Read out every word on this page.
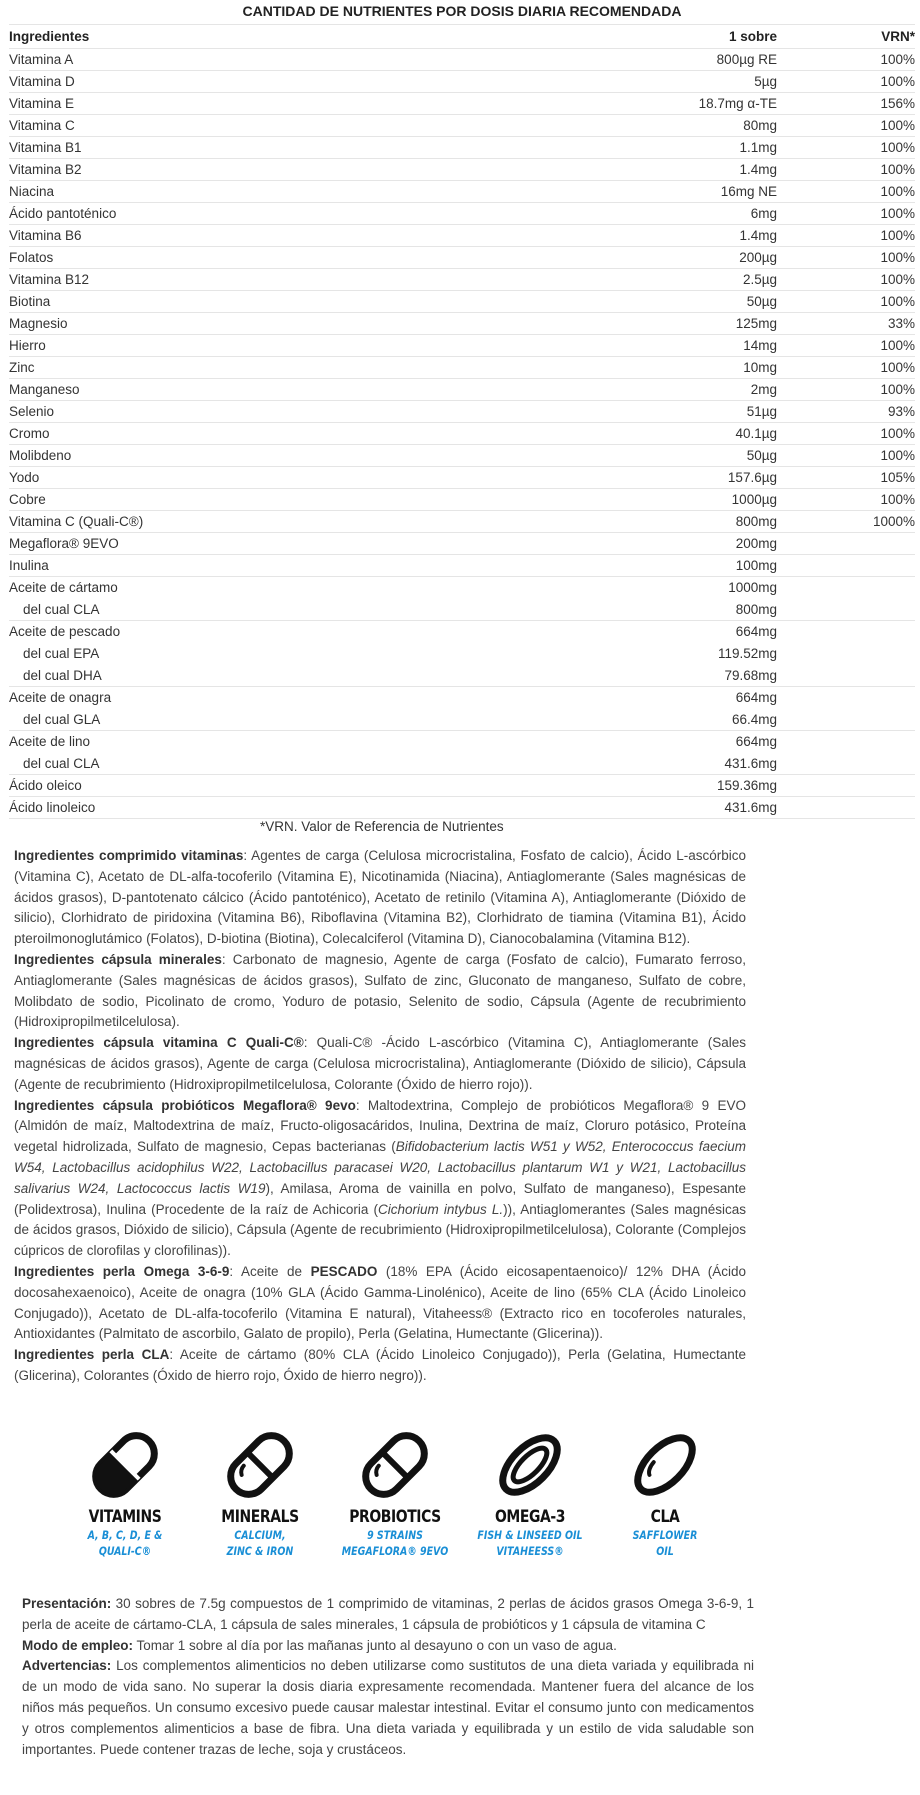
CANTIDAD DE NUTRIENTES POR DOSIS DIARIA RECOMENDADA
Ingredientes	1 sobre	VRN*
Vitamina A	800µg RE	100%
Vitamina D	5µg	100%
Vitamina E	18.7mg α-TE	156%
Vitamina C	80mg	100%
Vitamina B1	1.1mg	100%
Vitamina B2	1.4mg	100%
Niacina	16mg NE	100%
Ácido pantoténico	6mg	100%
Vitamina B6	1.4mg	100%
Folatos	200µg	100%
Vitamina B12	2.5µg	100%
Biotina	50µg	100%
Magnesio	125mg	33%
Hierro	14mg	100%
Zinc	10mg	100%
Manganeso	2mg	100%
Selenio	51µg	93%
Cromo	40.1µg	100%
Molibdeno	50µg	100%
Yodo	157.6µg	105%
Cobre	1000µg	100%
Vitamina C (Quali-C®)	800mg	1000%
Megaflora® 9EVO	200mg	
Inulina	100mg	
Aceite de cártamo	1000mg	
del cual CLA	800mg	
Aceite de pescado	664mg	
del cual EPA	119.52mg	
del cual DHA	79.68mg	
Aceite de onagra	664mg	
del cual GLA	66.4mg	
Aceite de lino	664mg	
del cual CLA	431.6mg	
Ácido oleico	159.36mg	
Ácido linoleico	431.6mg	
*VRN. Valor de Referencia de Nutrientes

Ingredientes comprimido vitaminas: Agentes de carga (Celulosa microcristalina, Fosfato de calcio), Ácido L-ascórbico (Vitamina C), Acetato de DL-alfa-tocoferilo (Vitamina E), Nicotinamida (Niacina), Antiaglomerante (Sales magnésicas de ácidos grasos), D-pantotenato cálcico (Ácido pantoténico), Acetato de retinilo (Vitamina A), Antiaglomerante (Dióxido de silicio), Clorhidrato de piridoxina (Vitamina B6), Riboflavina (Vitamina B2), Clorhidrato de tiamina (Vitamina B1), Ácido pteroilmonoglutámico (Folatos), D-biotina (Biotina), Colecalciferol (Vitamina D), Cianocobalamina (Vitamina B12).

Ingredientes cápsula minerales: Carbonato de magnesio, Agente de carga (Fosfato de calcio), Fumarato ferroso, Antiaglomerante (Sales magnésicas de ácidos grasos), Sulfato de zinc, Gluconato de manganeso, Sulfato de cobre, Molibdato de sodio, Picolinato de cromo, Yoduro de potasio, Selenito de sodio, Cápsula (Agente de recubrimiento (Hidroxipropilmetilcelulosa).

Ingredientes cápsula vitamina C Quali-C®: Quali-C® -Ácido L-ascórbico (Vitamina C), Antiaglomerante (Sales magnésicas de ácidos grasos), Agente de carga (Celulosa microcristalina), Antiaglomerante (Dióxido de silicio), Cápsula (Agente de recubrimiento (Hidroxipropilmetilcelulosa, Colorante (Óxido de hierro rojo)).

Ingredientes cápsula probióticos Megaflora® 9evo: Maltodextrina, Complejo de probióticos Megaflora® 9 EVO (Almidón de maíz, Maltodextrina de maíz, Fructo-oligosacáridos, Inulina, Dextrina de maíz, Cloruro potásico, Proteína vegetal hidrolizada, Sulfato de magnesio, Cepas bacterianas (Bifidobacterium lactis W51 y W52, Enterococcus faecium W54, Lactobacillus acidophilus W22, Lactobacillus paracasei W20, Lactobacillus plantarum W1 y W21, Lactobacillus salivarius W24, Lactococcus lactis W19), Amilasa, Aroma de vainilla en polvo, Sulfato de manganeso), Espesante (Polidextrosa), Inulina (Procedente de la raíz de Achicoria (Cichorium intybus L.)), Antiaglomerantes (Sales magnésicas de ácidos grasos, Dióxido de silicio), Cápsula (Agente de recubrimiento (Hidroxipropilmetilcelulosa), Colorante (Complejos cúpricos de clorofilas y clorofilinas)).

Ingredientes perla Omega 3-6-9: Aceite de PESCADO (18% EPA (Ácido eicosapentaenoico)/ 12% DHA (Ácido docosahexaenoico), Aceite de onagra (10% GLA (Ácido Gamma-Linolénico), Aceite de lino (65% CLA (Ácido Linoleico Conjugado)), Acetato de DL-alfa-tocoferilo (Vitamina E natural), Vitaheess® (Extracto rico en tocoferoles naturales, Antioxidantes (Palmitato de ascorbilo, Galato de propilo), Perla (Gelatina, Humectante (Glicerina)).

Ingredientes perla CLA: Aceite de cártamo (80% CLA (Ácido Linoleico Conjugado)), Perla (Gelatina, Humectante (Glicerina), Colorantes (Óxido de hierro rojo, Óxido de hierro negro)).

VITAMINS
A, B, C, D, E &
QUALI-C®
MINERALS
CALCIUM,
ZINC & IRON
PROBIOTICS
9 STRAINS
MEGAFLORA® 9EVO
OMEGA-3
FISH & LINSEED OIL
VITAHEESS®
CLA
SAFFLOWER
OIL

Presentación: 30 sobres de 7.5g compuestos de 1 comprimido de vitaminas, 2 perlas de ácidos grasos Omega 3-6-9, 1 perla de aceite de cártamo-CLA, 1 cápsula de sales minerales, 1 cápsula de probióticos y 1 cápsula de vitamina C

Modo de empleo: Tomar 1 sobre al día por las mañanas junto al desayuno o con un vaso de agua.

Advertencias: Los complementos alimenticios no deben utilizarse como sustitutos de una dieta variada y equilibrada ni de un modo de vida sano. No superar la dosis diaria expresamente recomendada. Mantener fuera del alcance de los niños más pequeños. Un consumo excesivo puede causar malestar intestinal. Evitar el consumo junto con medicamentos y otros complementos alimenticios a base de fibra. Una dieta variada y equilibrada y un estilo de vida saludable son importantes. Puede contener trazas de leche, soja y crustáceos.
